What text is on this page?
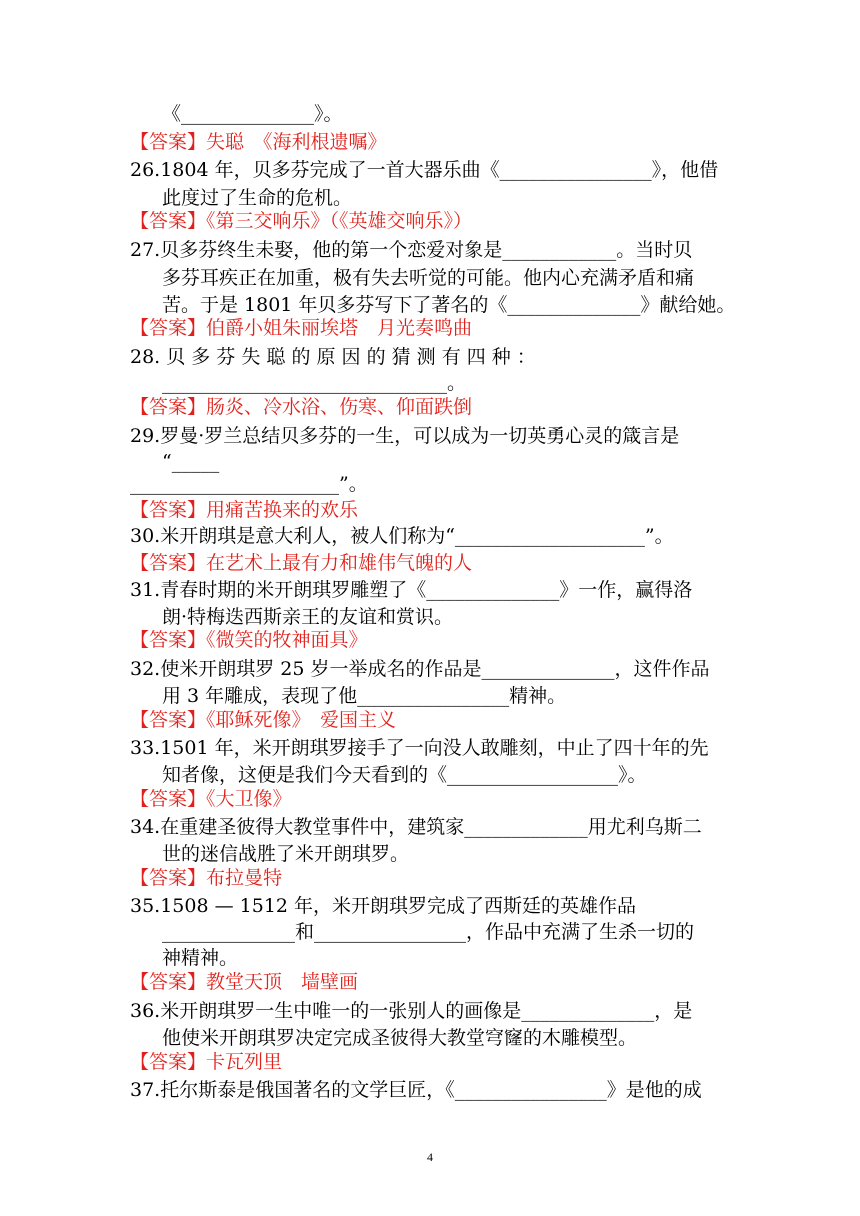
《______________》。
【答案】失聪　《海利根遗嘱》
26.1804 年，贝多芬完成了一首大器乐曲《________________》，他借
此度过了生命的危机。
【答案】《第三交响乐》（《英雄交响乐》）
27.贝多芬终生未娶，他的第一个恋爱对象是____________。当时贝
多芬耳疾正在加重，极有失去听觉的可能。他内心充满矛盾和痛
苦。于是 1801 年贝多芬写下了著名的《______________》献给她。
【答案】伯爵小姐朱丽埃塔　月光奏鸣曲
28. 贝 多 芬 失 聪 的 原 因 的 猜 测 有 四 种 ：
______________________________。
【答案】肠炎、冷水浴、伤寒、仰面跌倒
29.罗曼·罗兰总结贝多芬的一生，可以成为一切英勇心灵的箴言是
“_____
______________________”。
【答案】用痛苦换来的欢乐
30.米开朗琪是意大利人，被人们称为“____________________”。
【答案】在艺术上最有力和雄伟气魄的人
31.青春时期的米开朗琪罗雕塑了《______________》一作，赢得洛
朗·特梅迭西斯亲王的友谊和赏识。
【答案】《微笑的牧神面具》
32.使米开朗琪罗 25 岁一举成名的作品是______________，这件作品
用 3 年雕成，表现了他________________精神。
【答案】《耶稣死像》　爱国主义
33.1501 年，米开朗琪罗接手了一向没人敢雕刻，中止了四十年的先
知者像，这便是我们今天看到的《__________________》。
【答案】《大卫像》
34.在重建圣彼得大教堂事件中，建筑家_____________用尤利乌斯二
世的迷信战胜了米开朗琪罗。
【答案】布拉曼特
35.1508 — 1512 年，米开朗琪罗完成了西斯廷的英雄作品
______________和________________，作品中充满了生杀一切的
神精神。
【答案】教堂天顶　墙壁画
36.米开朗琪罗一生中唯一的一张别人的画像是______________，是
他使米开朗琪罗决定完成圣彼得大教堂穹窿的木雕模型。
【答案】卡瓦列里
37.托尔斯泰是俄国著名的文学巨匠，《________________》是他的成
4
